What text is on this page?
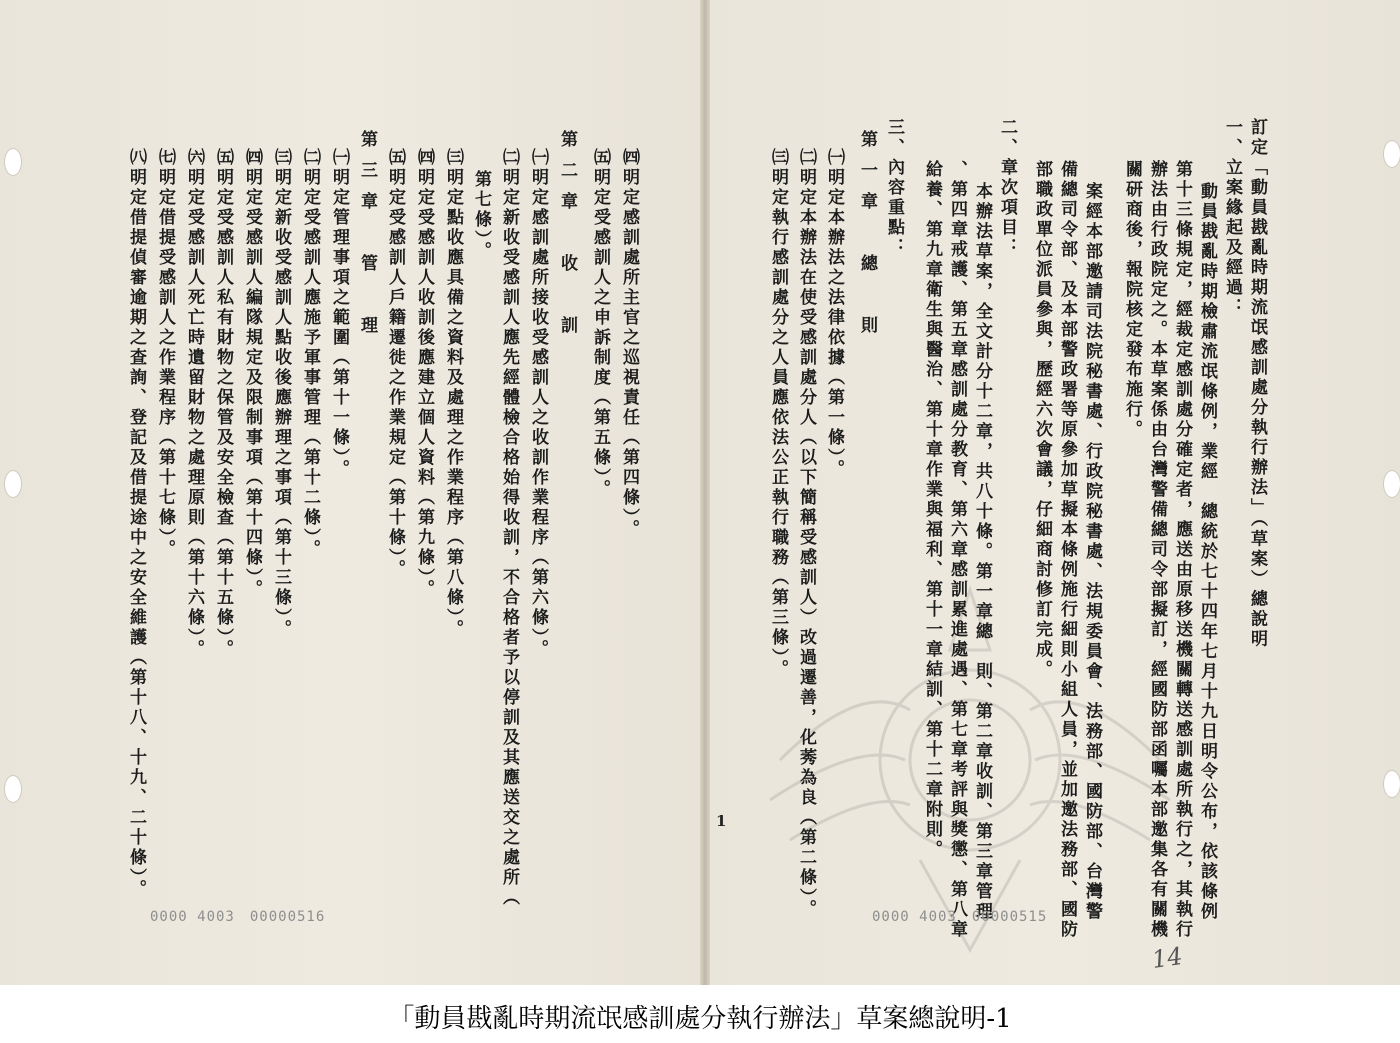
訂定「動員戡亂時期流氓感訓處分執行辦法」（草案）總說明
一、立案緣起及經過：
動員戡亂時期檢肅流氓條例，業經　總統於七十四年七月十九日明令公布，依該條例
第十三條規定，經裁定感訓處分確定者，應送由原移送機關轉送感訓處所執行之，其執行
辦法由行政院定之。本草案係由台灣警備總司令部擬訂，經國防部函囑本部邀集各有關機
關研商後，報院核定發布施行。
案經本部邀請司法院秘書處、行政院秘書處、法規委員會、法務部、國防部、台灣警
備總司令部、及本部警政署等原參加草擬本條例施行細則小組人員，並加邀法務部、國防
部職政單位派員參與，歷經六次會議，仔細商討修訂完成。
二、章次項目：
本辦法草案，全文計分十二章，共八十條。第一章總　則、第二章收訓、第三章管理
、第四章戒護、第五章感訓處分教育、第六章感訓累進處遇、第七章考評與獎懲、第八章
給養、第九章衛生與醫治、第十章作業與福利、第十一章結訓、第十二章附則。
三、內容重點：
第一章　總　則
㈠明定本辦法之法律依據（第一條）。
㈡明定本辦法在使受感訓處分人（以下簡稱受感訓人）改過遷善，化莠為良（第二條）。
㈢明定執行感訓處分之人員應依法公正執行職務（第三條）。
1
0000 4003　00000515
14
㈣明定感訓處所主官之巡視責任（第四條）。
㈤明定受感訓人之申訴制度（第五條）。
第二章　收　訓
㈠明定感訓處所接收受感訓人之收訓作業程序（第六條）。
㈡明定新收受感訓人應先經體檢合格始得收訓，不合格者予以停訓及其應送交之處所（
第七條）。
㈢明定點收應具備之資料及處理之作業程序（第八條）。
㈣明定受感訓人收訓後應建立個人資料（第九條）。
㈤明定受感訓人戶籍遷徙之作業規定（第十條）。
第三章　管　理
㈠明定管理事項之範圍（第十一條）。
㈡明定受感訓人應施予軍事管理（第十二條）。
㈢明定新收受感訓人點收後應辦理之事項（第十三條）。
㈣明定受感訓人編隊規定及限制事項（第十四條）。
㈤明定受感訓人私有財物之保管及安全檢查（第十五條）。
㈥明定受感訓人死亡時遺留財物之處理原則（第十六條）。
㈦明定借提受感訓人之作業程序（第十七條）。
㈧明定借提偵審逾期之查詢、登記及借提途中之安全維護（第十八、十九、二十條）。
0000 4003　00000516
「動員戡亂時期流氓感訓處分執行辦法」草案總說明-1
